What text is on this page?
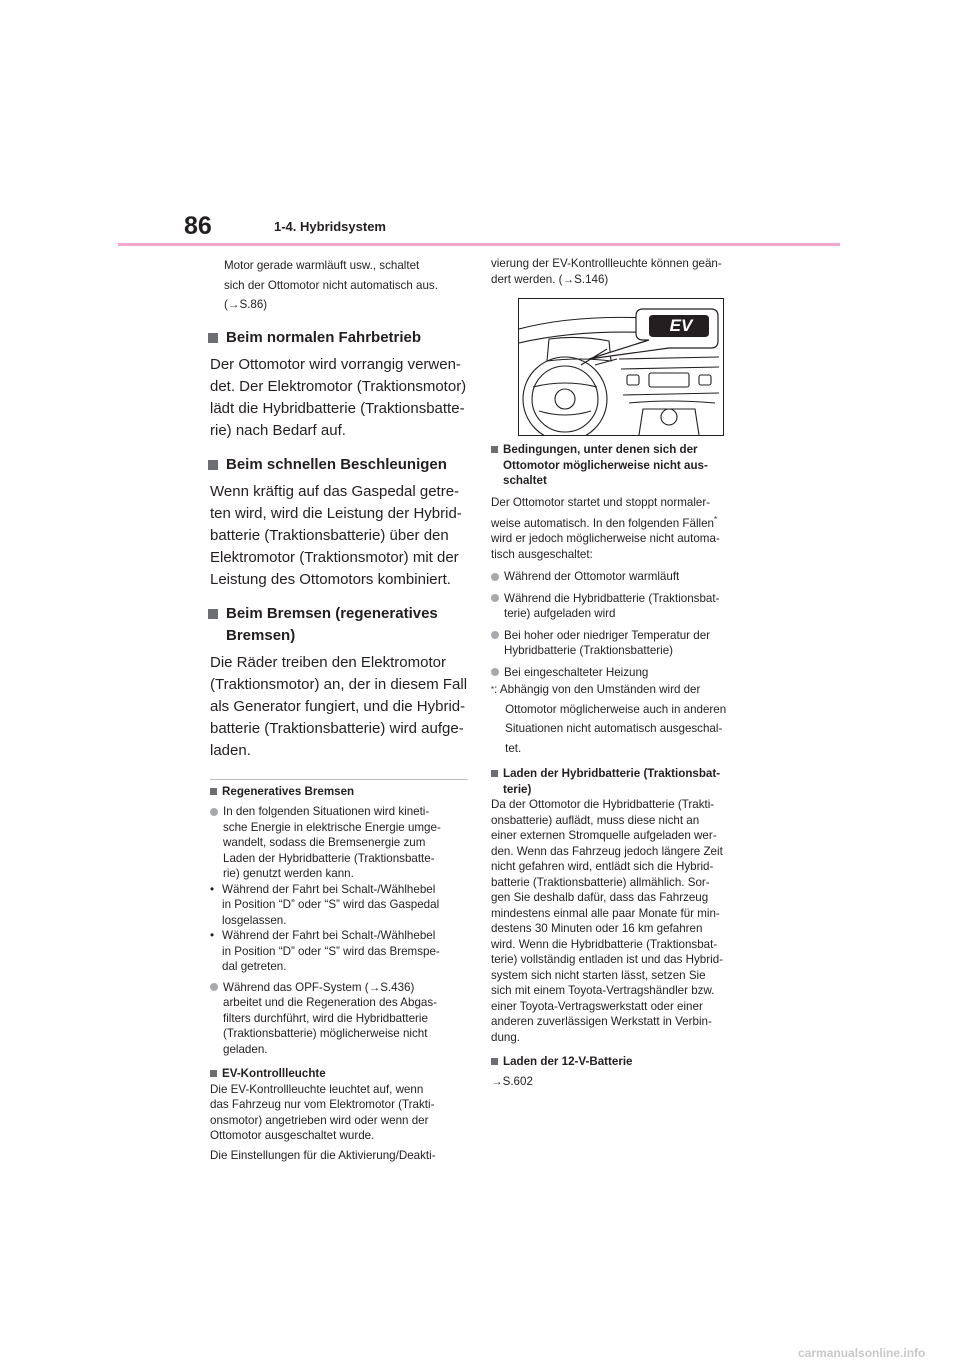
86	1-4. Hybridsystem

Motor gerade warmläuft usw., schaltet

sich der Ottomotor nicht automatisch aus.

(→S.86)

Beim normalen Fahrbetrieb

Der Ottomotor wird vorrangig verwen-

det. Der Elektromotor (Traktionsmotor)

lädt die Hybridbatterie (Traktionsbatte-

rie) nach Bedarf auf.

Beim schnellen Beschleunigen

Wenn kräftig auf das Gaspedal getre-

ten wird, wird die Leistung der Hybrid-

batterie (Traktionsbatterie) über den

Elektromotor (Traktionsmotor) mit der

Leistung des Ottomotors kombiniert.

Beim Bremsen (regeneratives
Bremsen)

Die Räder treiben den Elektromotor

(Traktionsmotor) an, der in diesem Fall

als Generator fungiert, und die Hybrid-

batterie (Traktionsbatterie) wird aufge-

laden.

Regeneratives Bremsen
In den folgenden Situationen wird kineti-
sche Energie in elektrische Energie umge-
wandelt, sodass die Bremsenergie zum
Laden der Hybridbatterie (Traktionsbatte-
rie) genutzt werden kann.
• Während der Fahrt bei Schalt-/Wählhebel
in Position “D” oder “S” wird das Gaspedal
losgelassen.
• Während der Fahrt bei Schalt-/Wählhebel
in Position “D” oder “S” wird das Bremspe-
dal getreten.
Während das OPF-System (→S.436)
arbeitet und die Regeneration des Abgas-
filters durchführt, wird die Hybridbatterie
(Traktionsbatterie) möglicherweise nicht
geladen.
EV-Kontrollleuchte

Die EV-Kontrollleuchte leuchtet auf, wenn

das Fahrzeug nur vom Elektromotor (Trakti-

onsmotor) angetrieben wird oder wenn der

Ottomotor ausgeschaltet wurde.

Die Einstellungen für die Aktivierung/Deakti-

vierung der EV-Kontrollleuchte können geän-

dert werden. (→S.146)

EV
Bedingungen, unter denen sich der
Ottomotor möglicherweise nicht aus-
schaltet

Der Ottomotor startet und stoppt normaler-

weise automatisch. In den folgenden Fällen*

wird er jedoch möglicherweise nicht automa-

tisch ausgeschaltet:

Während der Ottomotor warmläuft
Während die Hybridbatterie (Traktionsbat-
terie) aufgeladen wird
Bei hoher oder niedriger Temperatur der
Hybridbatterie (Traktionsbatterie)
Bei eingeschalteter Heizung
* : Abhängig von den Umständen wird der
Ottomotor möglicherweise auch in anderen
Situationen nicht automatisch ausgeschal-
tet.
Laden der Hybridbatterie (Traktionsbat-
terie)

Da der Ottomotor die Hybridbatterie (Trakti-

onsbatterie) auflädt, muss diese nicht an

einer externen Stromquelle aufgeladen wer-

den. Wenn das Fahrzeug jedoch längere Zeit

nicht gefahren wird, entlädt sich die Hybrid-

batterie (Traktionsbatterie) allmählich. Sor-

gen Sie deshalb dafür, dass das Fahrzeug

mindestens einmal alle paar Monate für min-

destens 30 Minuten oder 16 km gefahren

wird. Wenn die Hybridbatterie (Traktionsbat-

terie) vollständig entladen ist und das Hybrid-

system sich nicht starten lässt, setzen Sie

sich mit einem Toyota-Vertragshändler bzw.

einer Toyota-Vertragswerkstatt oder einer

anderen zuverlässigen Werkstatt in Verbin-

dung.

Laden der 12-V-Batterie

→S.602

carmanualsonline.info
